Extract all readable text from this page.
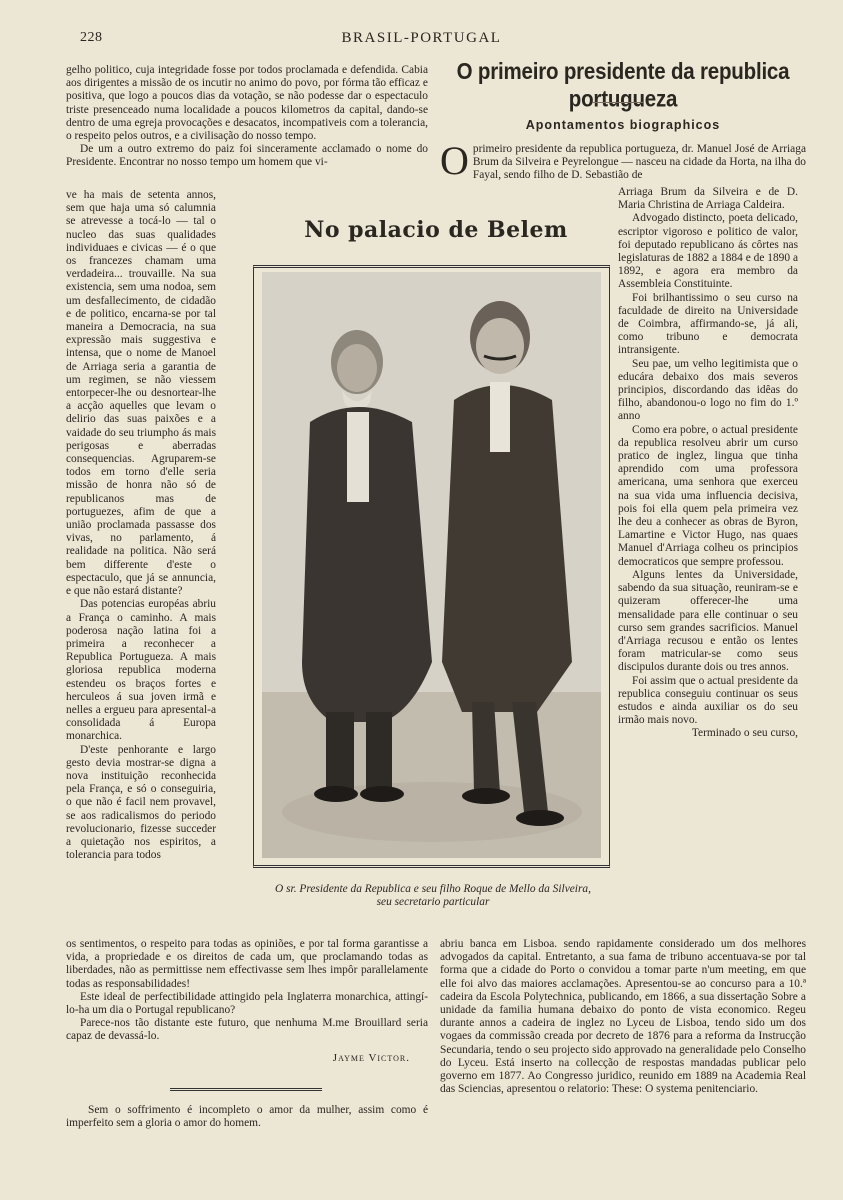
228	BRASIL-PORTUGAL

gelho politico, cuja integridade fosse por todos proclamada e defendida. Cabia aos dirigentes a missão de os incutir no animo do povo, por fórma tão efficaz e positiva, que logo a poucos dias da votação, se não podesse dar o espectaculo triste presenceado numa localidade a poucos kilometros da capital, dando-se dentro de uma egreja provocações e desacatos, incompativeis com a tolerancia, o respeito pelos outros, e a civilisação do nosso tempo.

De um a outro extremo do paiz foi sinceramente acclamado o nome do Presidente. Encontrar no nosso tempo um homem que vi-

ve ha mais de setenta annos, sem que haja uma só calumnia se atrevesse a tocá-lo — tal o nucleo das suas qualidades individuaes e civicas — é o que os francezes chamam uma verdadeira... trouvaille. Na sua existencia, sem uma nodoa, sem um desfallecimento, de cidadão e de politico, encarna-se por tal maneira a Democracia, na sua expressão mais suggestiva e intensa, que o nome de Manoel de Arriaga seria a garantia de um regimen, se não viessem entorpecer-lhe ou desnortear-lhe a acção aquelles que levam o delirio das suas paixões e a vaidade do seu triumpho ás mais perigosas e aberradas consequencias. Agruparem-se todos em torno d'elle seria missão de honra não só de republicanos mas de portuguezes, afim de que a união proclamada passasse dos vivas, no parlamento, á realidade na politica. Não será bem differente d'este o espectaculo, que já se annuncia, e que não estará distante?

Das potencias européas abriu a França o caminho. A mais poderosa nação latina foi a primeira a reconhecer a Republica Portugueza. A mais gloriosa republica moderna estendeu os braços fortes e herculeos á sua joven irmã e nelles a ergueu para apresental-a consolidada á Europa monarchica.

D'este penhorante e largo gesto devia mostrar-se digna a nova instituição reconhecida pela França, e só o conseguiria, o que não é facil nem provavel, se aos radicalismos do periodo revolucionario, fizesse succeder a quietação nos espiritos, a tolerancia para todos

os sentimentos, o respeito para todas as opiniões, e por tal forma garantisse a vida, a propriedade e os direitos de cada um, que proclamando todas as liberdades, não as permittisse nem effectivasse sem lhes impôr parallelamente todas as responsabilidades!

Este ideal de perfectibilidade attingido pela Inglaterra monarchica, attingí-lo-ha um dia o Portugal republicano?

Parece-nos tão distante este futuro, que nenhuma M.me Brouillard seria capaz de devassá-lo.

Jayme Victor.

Sem o soffrimento é incompleto o amor da mulher, assim como é imperfeito sem a gloria o amor do homem.

O primeiro presidente da republica portugueza
Apontamentos biographicos

Oprimeiro presidente da republica portugueza, dr. Manuel José de Arriaga Brum da Silveira e Peyrelongue — nasceu na cidade da Horta, na ilha do Fayal, sendo filho de D. Sebastião de

Arriaga Brum da Silveira e de D. Maria Christina de Arriaga Caldeira.

Advogado distincto, poeta delicado, escriptor vigoroso e politico de valor, foi deputado republicano ás côrtes nas legislaturas de 1882 a 1884 e de 1890 a 1892, e agora era membro da Assembleia Constituinte.

Foi brilhantissimo o seu curso na faculdade de direito na Universidade de Coimbra, affirmando-se, já ali, como tribuno e democrata intransigente.

Seu pae, um velho legitimista que o educára debaixo dos mais severos principios, discordando das idêas do filho, abandonou-o logo no fim do 1.º anno

Como era pobre, o actual presidente da republica resolveu abrir um curso pratico de inglez, lingua que tinha aprendido com uma professora americana, uma senhora que exerceu na sua vida uma influencia decisiva, pois foi ella quem pela primeira vez lhe deu a conhecer as obras de Byron, Lamartine e Victor Hugo, nas quaes Manuel d'Arriaga colheu os principios democraticos que sempre professou.

Alguns lentes da Universidade, sabendo da sua situação, reuniram-se e quizeram offerecer-lhe uma mensalidade para elle continuar o seu curso sem grandes sacrificios. Manuel d'Arriaga recusou e então os lentes foram matricular-se como seus discipulos durante dois ou tres annos.

Foi assim que o actual presidente da republica conseguiu continuar os seus estudos e ainda auxiliar os do seu irmão mais novo.

Terminado o seu curso,

abriu banca em Lisboa. sendo rapidamente considerado um dos melhores advogados da capital. Entretanto, a sua fama de tribuno accentuava-se por tal forma que a cidade do Porto o convidou a tomar parte n'um meeting, em que elle foi alvo das maiores acclamações. Apresentou-se ao concurso para a 10.ª cadeira da Escola Polytechnica, publicando, em 1866, a sua dissertação Sobre a unidade da familia humana debaixo do ponto de vista economico. Regeu durante annos a cadeira de inglez no Lyceu de Lisboa, tendo sido um dos vogaes da commissão creada por decreto de 1876 para a reforma da Instrucção Secundaria, tendo o seu projecto sido approvado na generalidade pelo Conselho do Lyceu. Está inserto na collecção de respostas mandadas publicar pelo governo em 1877. Ao Congresso juridico, reunido em 1889 na Academia Real das Sciencias, apresentou o relatorio: These: O systema penitenciario.

No palacio de Belem
O sr. Presidente da Republica e seu filho Roque de Mello da Silveira,
seu secretario particular
